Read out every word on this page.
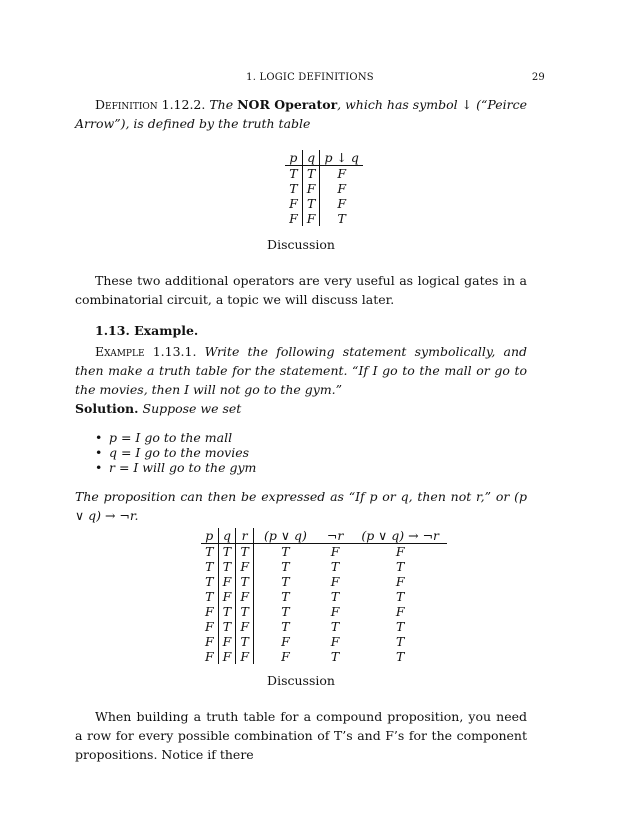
1. LOGIC DEFINITIONS	29
Definition 1.12.2. The NOR Operator, which has symbol ↓ (“Peirce Arrow”), is defined by the truth table
p	q	p ↓ q
T	T	F
T	F	F
F	T	F
F	F	T
Discussion
These two additional operators are very useful as logical gates in a combinatorial circuit, a topic we will discuss later.
1.13. Example.
Example 1.13.1. Write the following statement symbolically, and then make a truth table for the statement. “If I go to the mall or go to the movies, then I will not go to the gym.”
Solution. Suppose we set
• p = I go to the mall
• q = I go to the movies
• r = I will go to the gym
The proposition can then be expressed as “If p or q, then not r,” or (p ∨ q) → ¬r.
p	q	r	(p ∨ q)	¬r	(p ∨ q) → ¬r
T	T	T	T	F	F
T	T	F	T	T	T
T	F	T	T	F	F
T	F	F	T	T	T
F	T	T	T	F	F
F	T	F	T	T	T
F	F	T	F	F	T
F	F	F	F	T	T
Discussion
When building a truth table for a compound proposition, you need a row for every possible combination of T’s and F’s for the component propositions. Notice if there
